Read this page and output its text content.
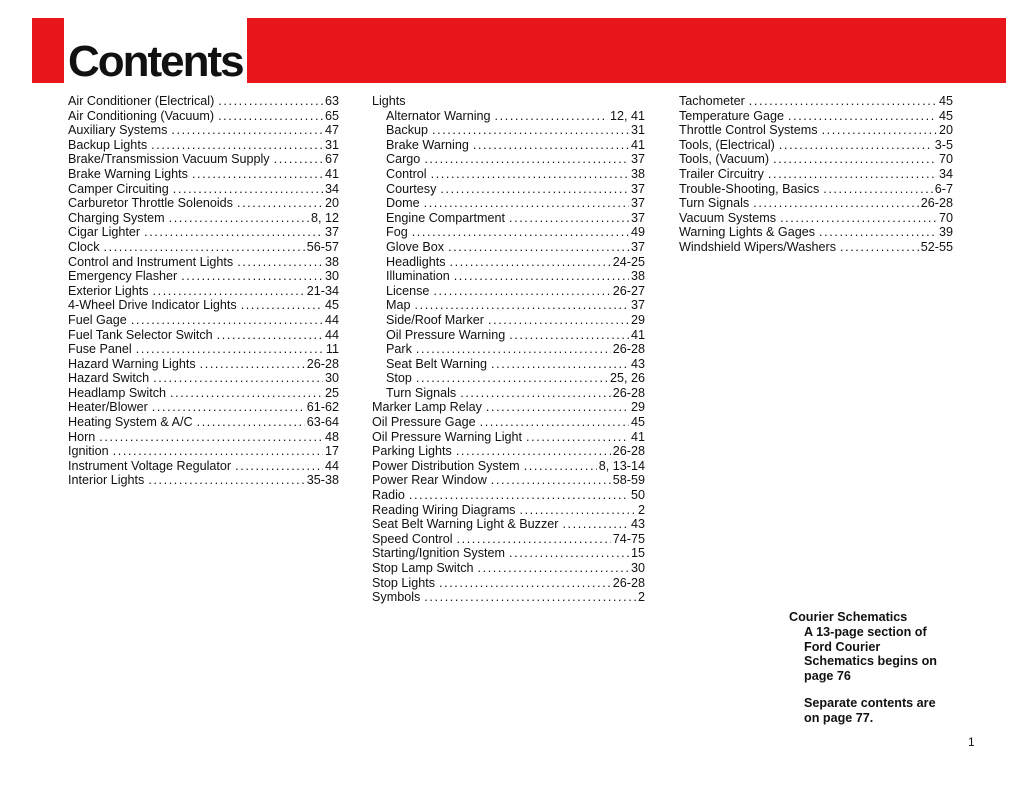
Contents
Air Conditioner (Electrical) .....	63
Air Conditioning (Vacuum) .....	65
Auxiliary Systems .....	47
Backup Lights .....	31
Brake/Transmission Vacuum Supply .....	67
Brake Warning Lights .....	41
Camper Circuiting .....	34
Carburetor Throttle Solenoids .....	20
Charging System .....	8, 12
Cigar Lighter .....	37
Clock .....	56-57
Control and Instrument Lights .....	38
Emergency Flasher .....	30
Exterior Lights .....	21-34
4-Wheel Drive Indicator Lights .....	45
Fuel Gage .....	44
Fuel Tank Selector Switch .....	44
Fuse Panel .....	11
Hazard Warning Lights .....	26-28
Hazard Switch .....	30
Headlamp Switch .....	25
Heater/Blower .....	61-62
Heating System & A/C .....	63-64
Horn .....	48
Ignition .....	17
Instrument Voltage Regulator .....	44
Interior Lights .....	35-38
Lights
Alternator Warning .....	12, 41
Backup .....	31
Brake Warning .....	41
Cargo .....	37
Control .....	38
Courtesy .....	37
Dome .....	37
Engine Compartment .....	37
Fog .....	49
Glove Box .....	37
Headlights .....	24-25
Illumination .....	38
License .....	26-27
Map .....	37
Side/Roof Marker .....	29
Oil Pressure Warning .....	41
Park .....	26-28
Seat Belt Warning .....	43
Stop .....	25, 26
Turn Signals .....	26-28
Marker Lamp Relay .....	29
Oil Pressure Gage .....	45
Oil Pressure Warning Light .....	41
Parking Lights .....	26-28
Power Distribution System .....	8, 13-14
Power Rear Window .....	58-59
Radio .....	50
Reading Wiring Diagrams .....	2
Seat Belt Warning Light & Buzzer .....	43
Speed Control .....	74-75
Starting/Ignition System .....	15
Stop Lamp Switch .....	30
Stop Lights .....	26-28
Symbols .....	2
Tachometer .....	45
Temperature Gage .....	45
Throttle Control Systems .....	20
Tools, (Electrical) .....	3-5
Tools, (Vacuum) .....	70
Trailer Circuitry .....	34
Trouble-Shooting, Basics .....	6-7
Turn Signals .....	26-28
Vacuum Systems .....	70
Warning Lights & Gages .....	39
Windshield Wipers/Washers .....	52-55

Courier Schematics

A 13-page section of

Ford Courier

Schematics begins on

page 76

Separate contents are

on page 77.

1
